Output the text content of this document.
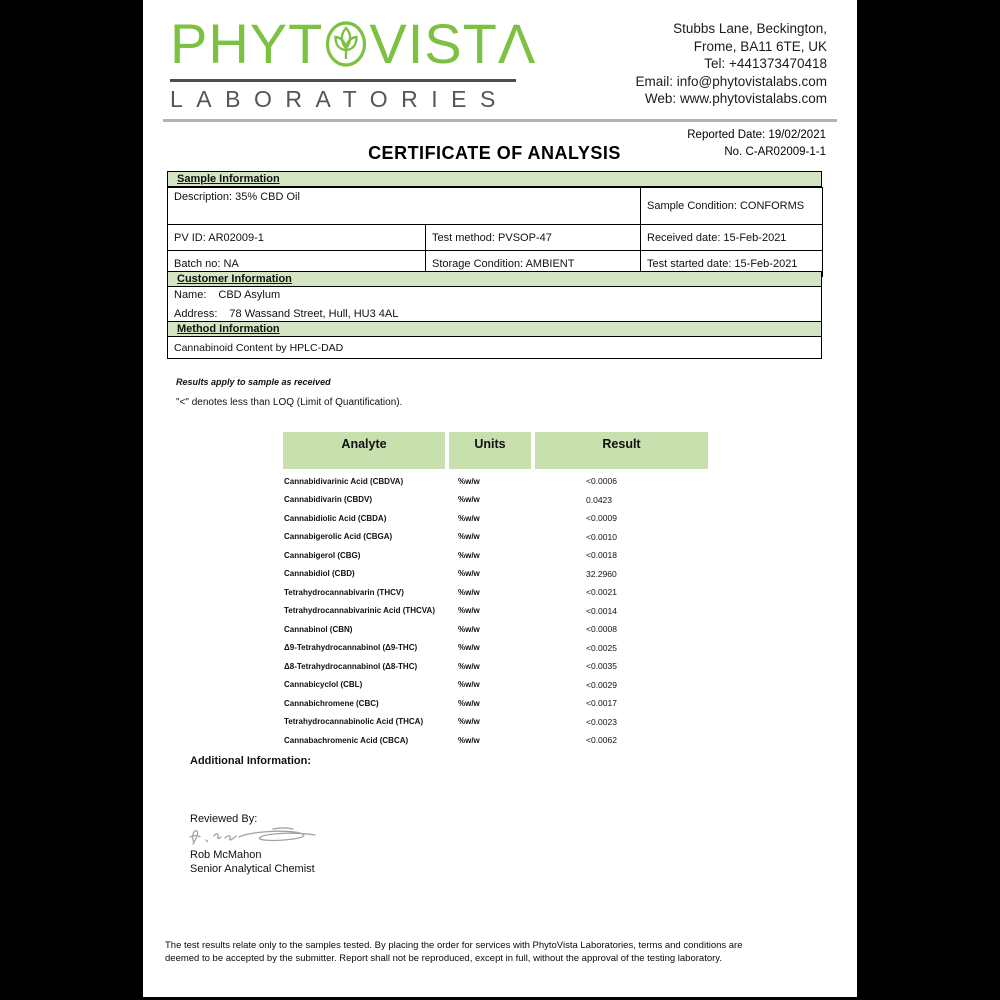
PHYT VISTΛ
LABORATORIES
Stubbs Lane, Beckington,
Frome, BA11 6TE, UK
Tel: +441373470418
Email: info@phytovistalabs.com
Web: www.phytovistalabs.com
Reported Date: 19/02/2021
No. C-AR02009-1-1
CERTIFICATE OF ANALYSIS
Sample Information
Description: 35% CBD Oil		Sample Condition: CONFORMS
PV ID: AR02009-1	Test method: PVSOP-47	Received date: 15-Feb-2021
Batch no: NA	Storage Condition: AMBIENT	Test started date: 15-Feb-2021
Customer Information
Name: CBD Asylum
Address: 78 Wassand Street, Hull, HU3 4AL
Method Information
Cannabinoid Content by HPLC-DAD
Results apply to sample as received
"<" denotes less than LOQ (Limit of Quantification).
Analyte	Units	Result
Cannabidivarinic Acid (CBDVA)	%w/w	<0.0006
Cannabidivarin (CBDV)	%w/w	0.0423
Cannabidiolic Acid (CBDA)	%w/w	<0.0009
Cannabigerolic Acid (CBGA)	%w/w	<0.0010
Cannabigerol (CBG)	%w/w	<0.0018
Cannabidiol (CBD)	%w/w	32.2960
Tetrahydrocannabivarin (THCV)	%w/w	<0.0021
Tetrahydrocannabivarinic Acid (THCVA)	%w/w	<0.0014
Cannabinol (CBN)	%w/w	<0.0008
Δ9-Tetrahydrocannabinol (Δ9-THC)	%w/w	<0.0025
Δ8-Tetrahydrocannabinol (Δ8-THC)	%w/w	<0.0035
Cannabicyclol (CBL)	%w/w	<0.0029
Cannabichromene (CBC)	%w/w	<0.0017
Tetrahydrocannabinolic Acid (THCA)	%w/w	<0.0023
Cannabachromenic Acid (CBCA)	%w/w	<0.0062
Additional Information:
Reviewed By:
Rob McMahon
Senior Analytical Chemist
The test results relate only to the samples tested. By placing the order for services with PhytoVista Laboratories, terms and conditions are
deemed to be accepted by the submitter. Report shall not be reproduced, except in full, without the approval of the testing laboratory.
